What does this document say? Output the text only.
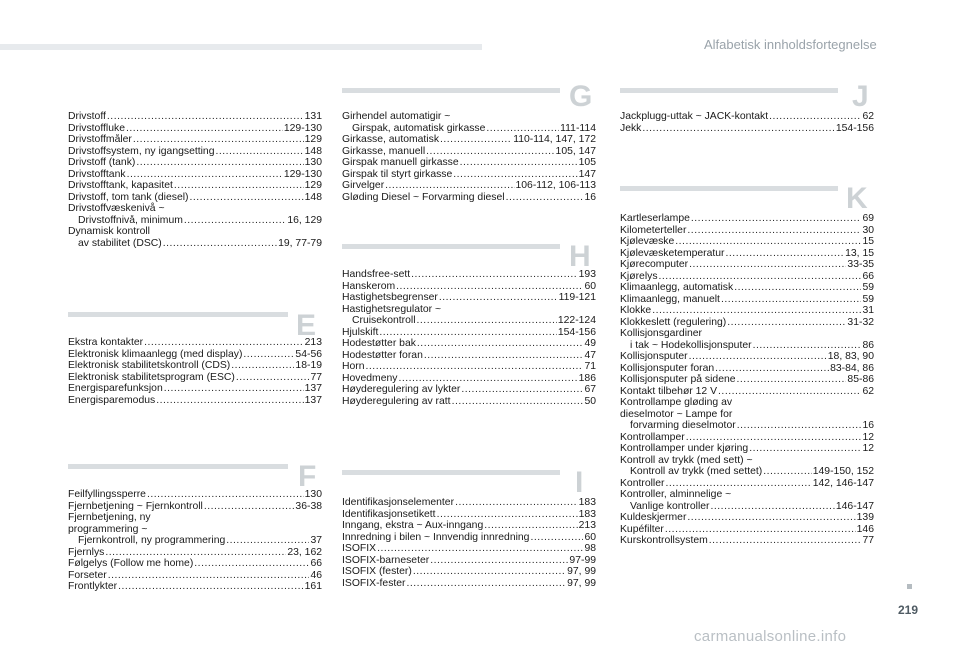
Alfabetisk innholdsfortegnelse
Drivstoff .....	131
Drivstoffluke .....	129-130
Drivstoffmåler .....	129
Drivstoffsystem, ny igangsetting .....	148
Drivstoff (tank) .....	130
Drivstofftank .....	129-130
Drivstofftank, kapasitet .....	129
Drivstoff, tom tank (diesel) .....	148
Drivstoffvæskenivå ~
Drivstoffnivå, minimum .....	16, 129
Dynamisk kontroll
av stabilitet (DSC) .....	19, 77-79
E
Ekstra kontakter .....	213
Elektronisk klimaanlegg (med display) .....	54-56
Elektronisk stabilitetskontroll (CDS) .....	18-19
Elektronisk stabilitetsprogram (ESC) .....	77
Energisparefunksjon .....	137
Energisparemodus .....	137
F
Feilfyllingssperre .....	130
Fjernbetjening ~ Fjernkontroll .....	36-38
Fjernbetjening, ny
programmering ~
Fjernkontroll, ny programmering .....	37
Fjernlys .....	23, 162
Følgelys (Follow me home) .....	66
Forseter .....	46
Frontlykter .....	161
G
Girhendel automatigir ~
Girspak, automatisk girkasse .....	111-114
Girkasse, automatisk .....	110-114, 147, 172
Girkasse, manuell .....	105, 147
Girspak manuell girkasse .....	105
Girspak til styrt girkasse .....	147
Girvelger .....	106-112, 106-113
Gløding Diesel ~ Forvarming diesel .....	16
H
Handsfree-sett .....	193
Hanskerom .....	60
Hastighetsbegrenser .....	119-121
Hastighetsregulator ~
Cruisekontroll .....	122-124
Hjulskift .....	154-156
Hodestøtter bak .....	49
Hodestøtter foran .....	47
Horn .....	71
Hovedmeny .....	186
Høyderegulering av lykter .....	67
Høyderegulering av ratt .....	50
I
Identifikasjonselementer .....	183
Identifikasjonsetikett .....	183
Inngang, ekstra ~ Aux-inngang .....	213
Innredning i bilen ~ Innvendig innredning .....	60
ISOFIX .....	98
ISOFIX-barneseter .....	97-99
ISOFIX (fester) .....	97, 99
ISOFIX-fester .....	97, 99
J
Jackplugg-uttak ~ JACK-kontakt .....	62
Jekk .....	154-156
K
Kartleserlampe .....	69
Kilometerteller .....	30
Kjølevæske .....	15
Kjølevæsketemperatur .....	13, 15
Kjørecomputer .....	33-35
Kjørelys .....	66
Klimaanlegg, automatisk .....	59
Klimaanlegg, manuelt .....	59
Klokke .....	31
Klokkeslett (regulering) .....	31-32
Kollisjonsgardiner
i tak ~ Hodekollisjonsputer .....	86
Kollisjonsputer .....	18, 83, 90
Kollisjonsputer foran .....	83-84, 86
Kollisjonsputer på sidene .....	85-86
Kontakt tilbehør 12 V .....	62
Kontrollampe gløding av
dieselmotor ~ Lampe for
forvarming dieselmotor .....	16
Kontrollamper .....	12
Kontrollamper under kjøring .....	12
Kontroll av trykk (med sett) ~
Kontroll av trykk (med settet) .....	149-150, 152
Kontroller .....	142, 146-147
Kontroller, alminnelige ~
Vanlige kontroller .....	146-147
Kuldeskjermer .....	139
Kupéfilter .....	146
Kurskontrollsystem .....	77
219
carmanualsonline.info
